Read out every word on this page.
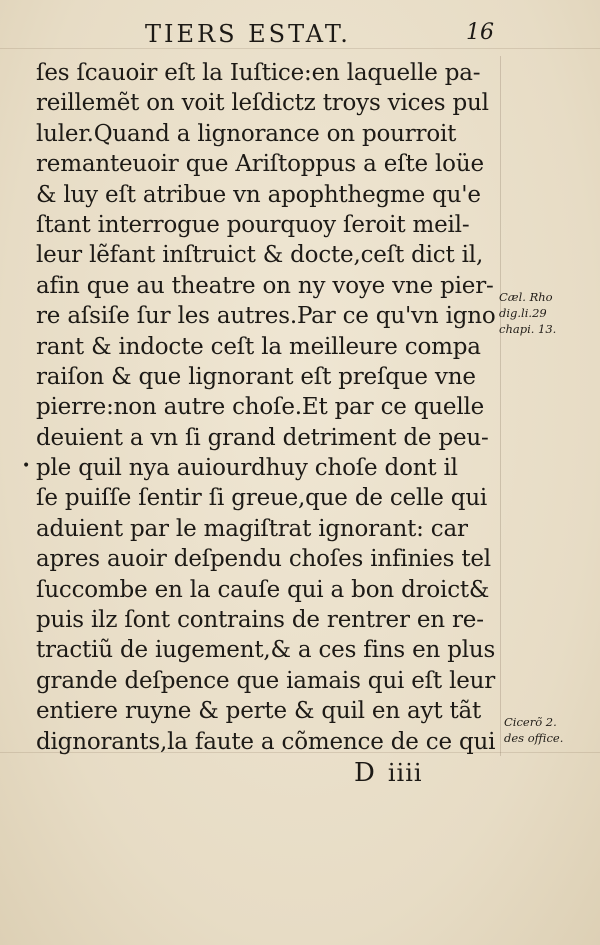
TIERS ESTAT.	16
ſes ſcauoir eſt la Iuſtice:en laquelle pa-
reillemẽt on voit leſdictz troys vices pul
luler.Quand a lignorance on pourroit
remanteuoir que Ariſtoppus a eſte loüe
& luy eſt atribue vn apophthegme qu'e
ſtant interrogue pourquoy ſeroit meil-
leur lẽfant inſtruict & docte,ceſt dict il,
afin que au theatre on ny voye vne pier-
re aſsiſe ſur les autres.Par ce qu'vn igno
rant & indocte ceſt la meilleure compa
raiſon & que lignorant eſt preſque vne
pierre:non autre choſe.Et par ce quelle
deuient a vn ſi grand detriment de peu-
ple quil nya auiourdhuy choſe dont il
ſe puiſſe ſentir ſi greue,que de celle qui
aduient par le magiſtrat ignorant: car
apres auoir deſpendu choſes infinies tel
ſuccombe en la cauſe qui a bon droict&
puis ilz ſont contrains de rentrer en re-
tractiũ de iugement,& a ces fins en plus
grande deſpence que iamais qui eſt leur
entiere ruyne & perte & quil en ayt tãt
dignorants,la faute a cõmence de ce qui
•
Cæl. Rho
dig.li.29
chapi. 13.
Cicerõ 2.
des office.
D iiii
